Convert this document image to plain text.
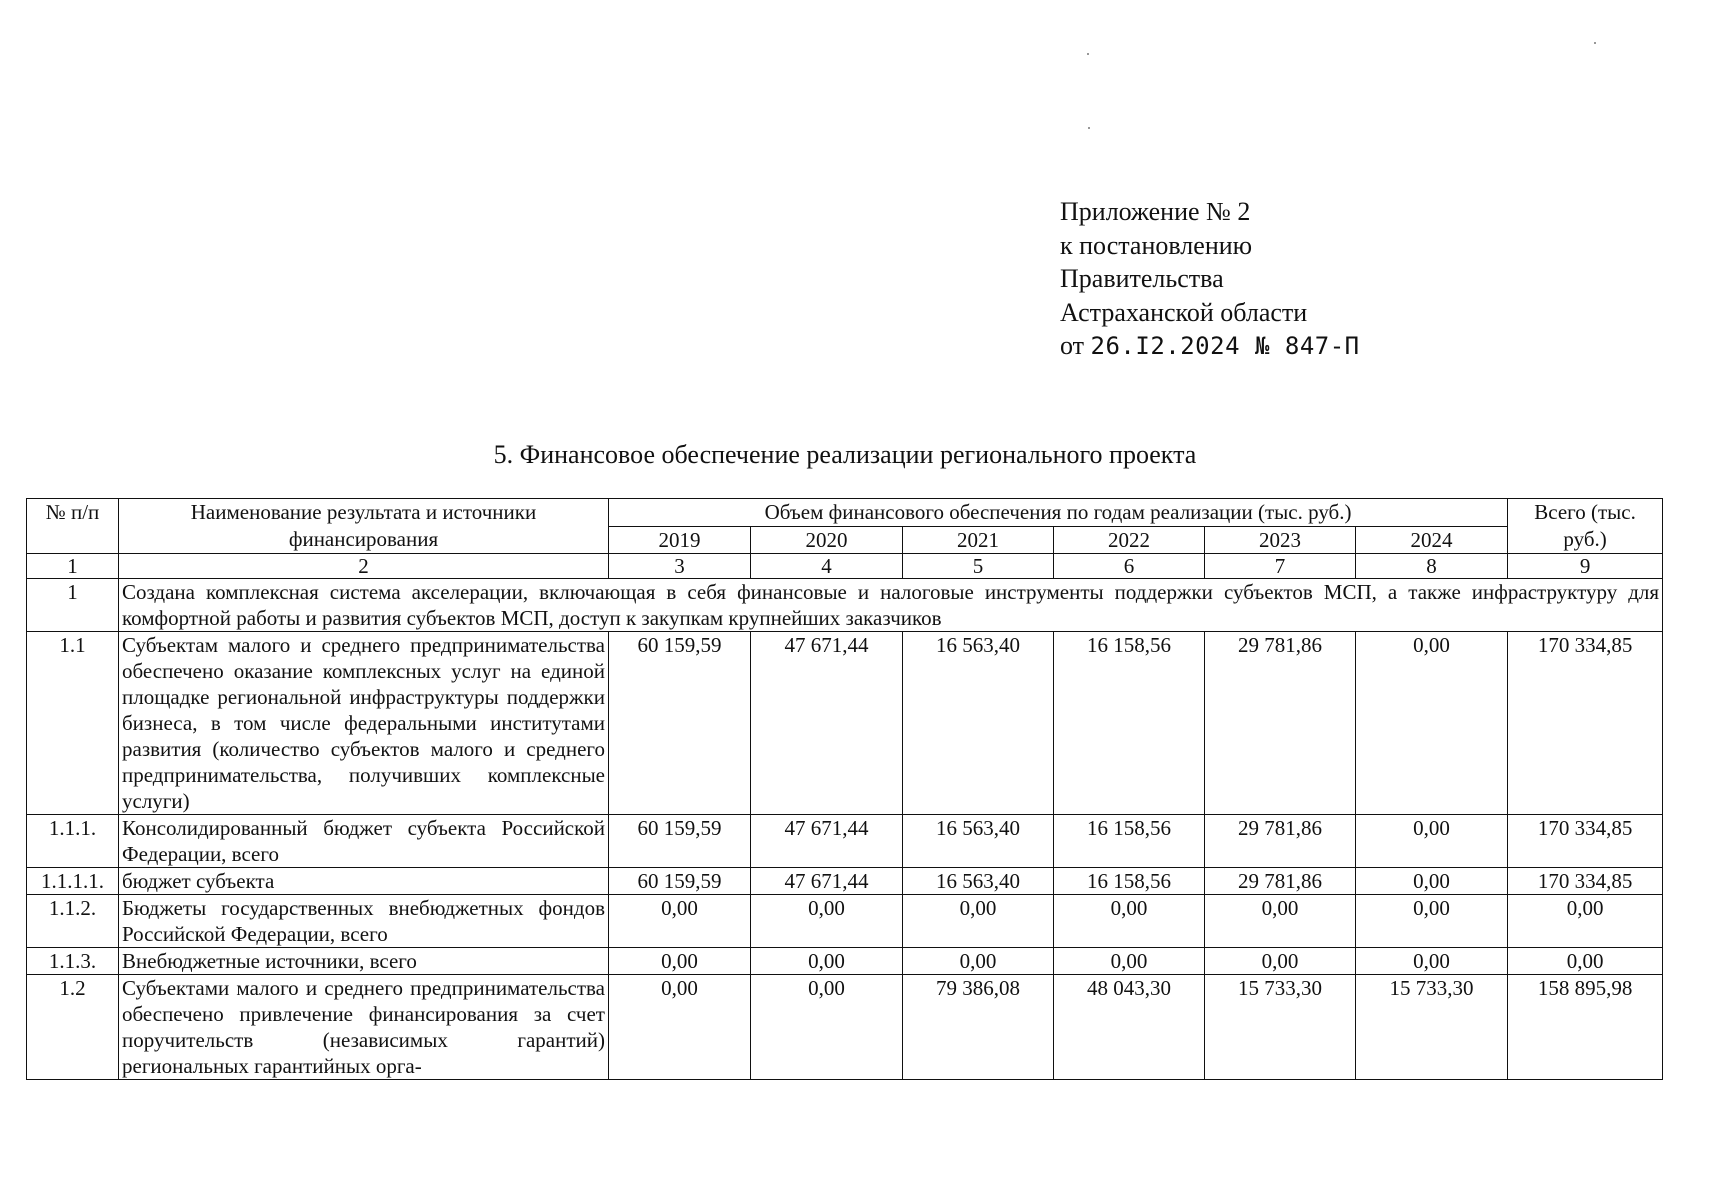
Приложение № 2
к постановлению
Правительства
Астраханской области
от 26.I2.2024 № 847-П
5. Финансовое обеспечение реализации регионального проекта
№ п/п	Наименование результата и источники финансирования	Объем финансового обеспечения по годам реализации (тыс. руб.)						Всего (тыс. руб.)
		2019	2020	2021	2022	2023	2024	
1	2	3	4	5	6	7	8	9
1	Создана комплексная система акселерации, включающая в себя финансовые и налоговые инструменты поддержки субъектов МСП, а также инфраструктуру для комфортной работы и развития субъектов МСП, доступ к закупкам крупнейших заказчиков							
1.1	Субъектам малого и среднего предпринимательства обеспечено оказание комплексных услуг на единой площадке региональной инфраструктуры поддержки бизнеса, в том числе федеральными институтами развития (количество субъектов малого и среднего предпринимательства, получивших комплексные услуги)	60 159,59	47 671,44	16 563,40	16 158,56	29 781,86	0,00	170 334,85
1.1.1.	Консолидированный бюджет субъекта Российской Федерации, всего	60 159,59	47 671,44	16 563,40	16 158,56	29 781,86	0,00	170 334,85
1.1.1.1.	бюджет субъекта	60 159,59	47 671,44	16 563,40	16 158,56	29 781,86	0,00	170 334,85
1.1.2.	Бюджеты государственных внебюджетных фондов Российской Федерации, всего	0,00	0,00	0,00	0,00	0,00	0,00	0,00
1.1.3.	Внебюджетные источники, всего	0,00	0,00	0,00	0,00	0,00	0,00	0,00
1.2	Субъектами малого и среднего предпринимательства обеспечено привлечение финансирования за счет поручительств (независимых гарантий) региональных гарантийных орга-	0,00	0,00	79 386,08	48 043,30	15 733,30	15 733,30	158 895,98
